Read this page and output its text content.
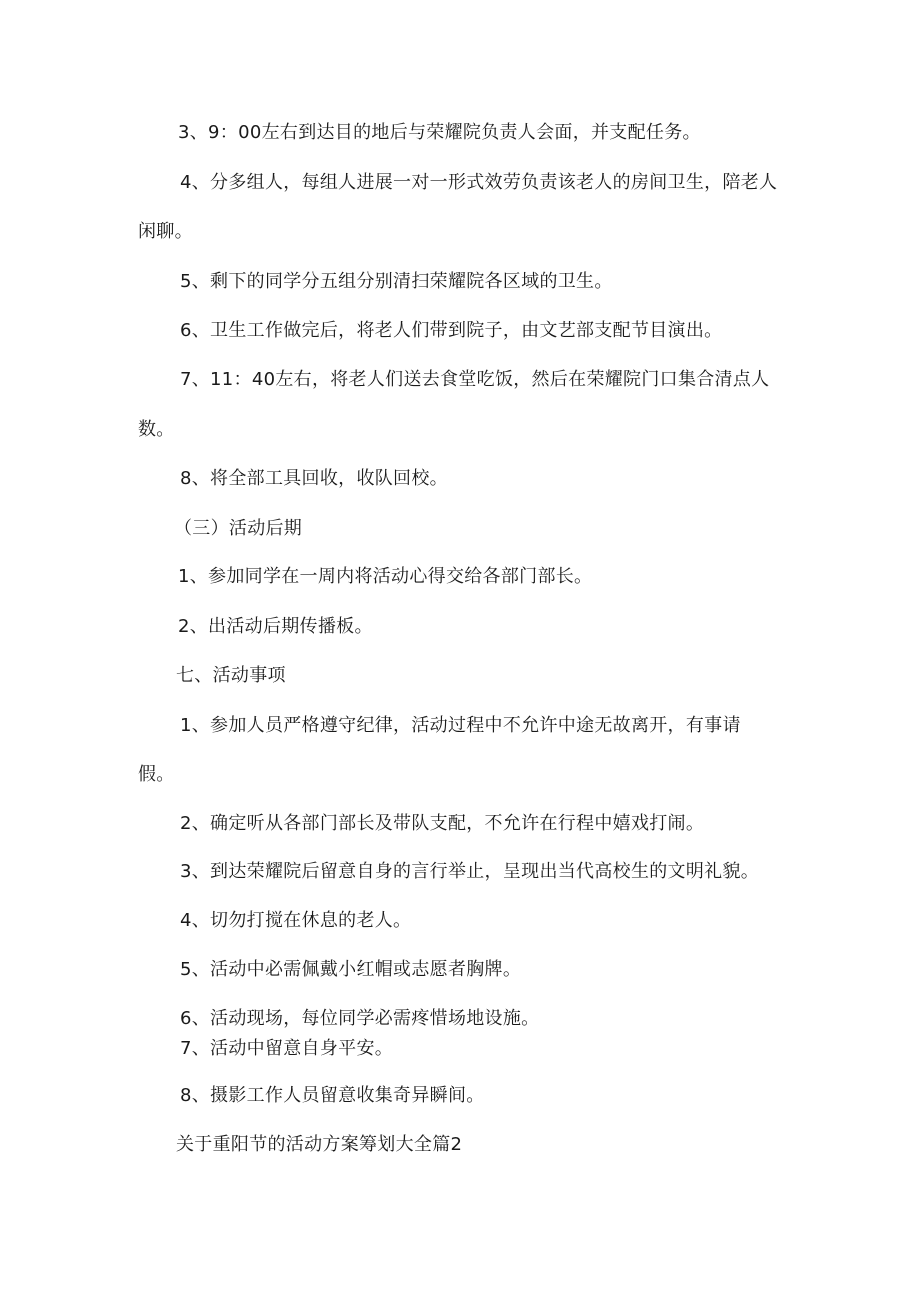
3、9：00左右到达目的地后与荣耀院负责人会面，并支配任务。
4、分多组人，每组人进展一对一形式效劳负责该老人的房间卫生，陪老人
闲聊。
5、剩下的同学分五组分别清扫荣耀院各区域的卫生。
6、卫生工作做完后，将老人们带到院子，由文艺部支配节目演出。
7、11：40左右，将老人们送去食堂吃饭，然后在荣耀院门口集合清点人
数。
8、将全部工具回收，收队回校。
（三）活动后期
1、参加同学在一周内将活动心得交给各部门部长。
2、出活动后期传播板。
七、活动事项
1、参加人员严格遵守纪律，活动过程中不允许中途无故离开，有事请
假。
2、确定听从各部门部长及带队支配，不允许在行程中嬉戏打闹。
3、到达荣耀院后留意自身的言行举止，呈现出当代高校生的文明礼貌。
4、切勿打搅在休息的老人。
5、活动中必需佩戴小红帽或志愿者胸牌。
6、活动现场，每位同学必需疼惜场地设施。
7、活动中留意自身平安。
8、摄影工作人员留意收集奇异瞬间。
关于重阳节的活动方案筹划大全篇2
